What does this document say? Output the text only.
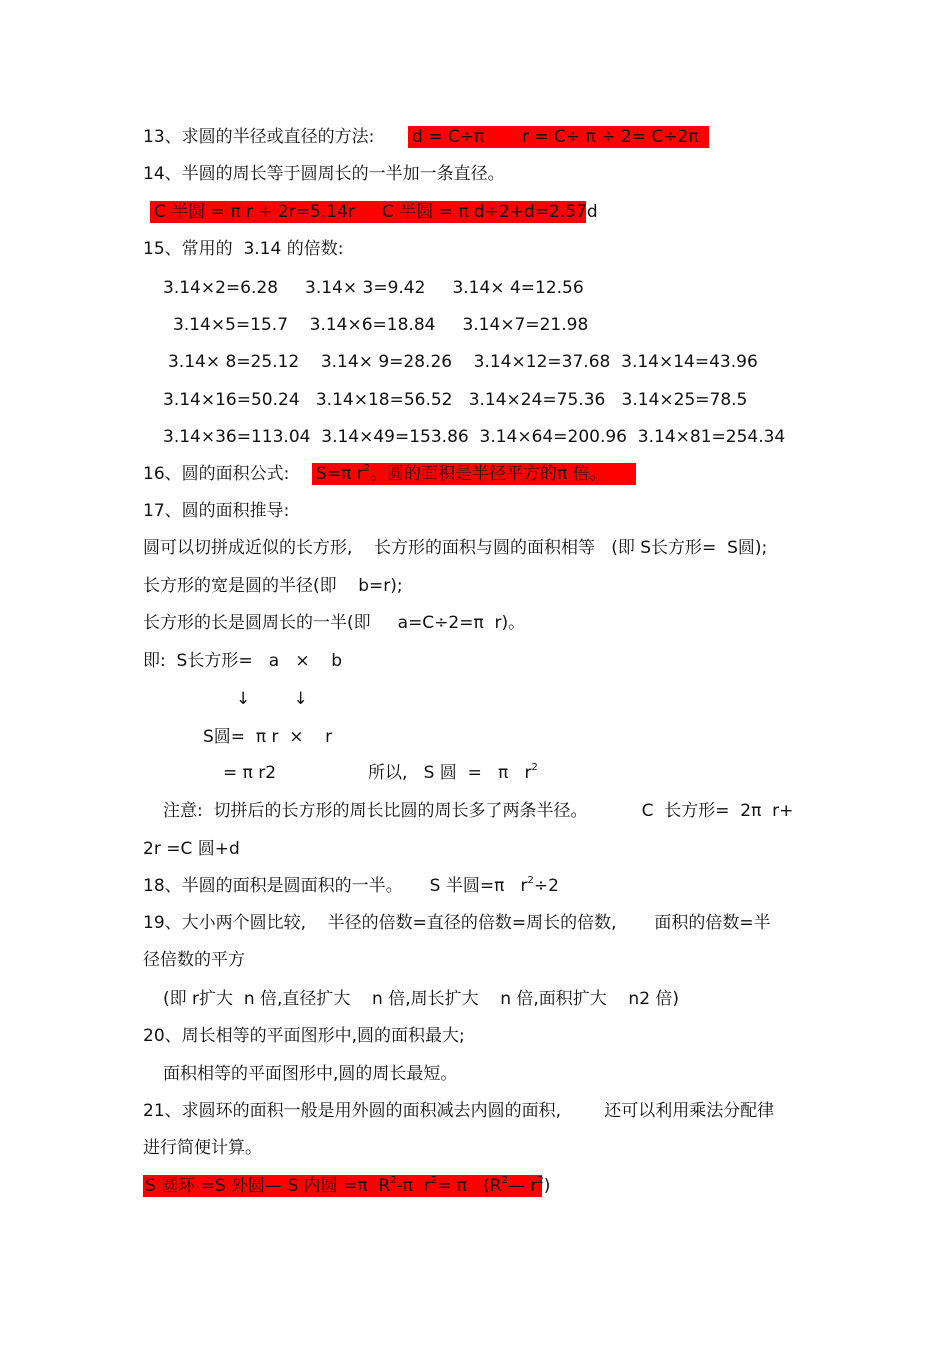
13、求圆的半径或直径的方法: d = C÷π       r = C÷ π ÷ 2= C÷2π
14、半圆的周长等于圆周长的一半加一条直径。
C 半圆 = π r + 2r=5.14r     C 半圆 = π d÷2+d=2.57d
15、常用的  3.14 的倍数:
3.14×2=6.28     3.14× 3=9.42     3.14× 4=12.56
3.14×5=15.7    3.14×6=18.84     3.14×7=21.98
3.14× 8=25.12    3.14× 9=28.26    3.14×12=37.68  3.14×14=43.96
3.14×16=50.24   3.14×18=56.52   3.14×24=75.36   3.14×25=78.5
3.14×36=113.04  3.14×49=153.86  3.14×64=200.96  3.14×81=254.34
16、圆的面积公式: S=π $r^2$。圆的面积是半径平方的π 倍。
17、圆的面积推导:
圆可以切拼成近似的长方形,    长方形的面积与圆的面积相等   (即 S长方形=  S圆);
长方形的宽是圆的半径(即    b=r);
长方形的长是圆周长的一半(即     a=C÷2=π  r)。
即:  S长方形=   a   ×    b
↓        ↓
S圆=  π r  ×    r
= π r2                 所以,   S 圆  =   π   $r^2$
注意:  切拼后的长方形的周长比圆的周长多了两条半径。          C  长方形=  2π  r+
2r =C 圆+d
18、半圆的面积是圆面积的一半。     S 半圆=π   $r^2\div 2$
19、大小两个圆比较,    半径的倍数=直径的倍数=周长的倍数,       面积的倍数=半
径倍数的平方
(即 r扩大  n 倍,直径扩大    n 倍,周长扩大    n 倍,面积扩大    n2 倍)
20、周长相等的平面图形中,圆的面积最大;
面积相等的平面图形中,圆的周长最短。
21、求圆环的面积一般是用外圆的面积减去内圆的面积,        还可以利用乘法分配律
进行简便计算。
S 圆环 =S 外圆— S 内圆 =π  $R^2-\pi$  $r^2= \pi$   ($R^2—$ $r^2$)
